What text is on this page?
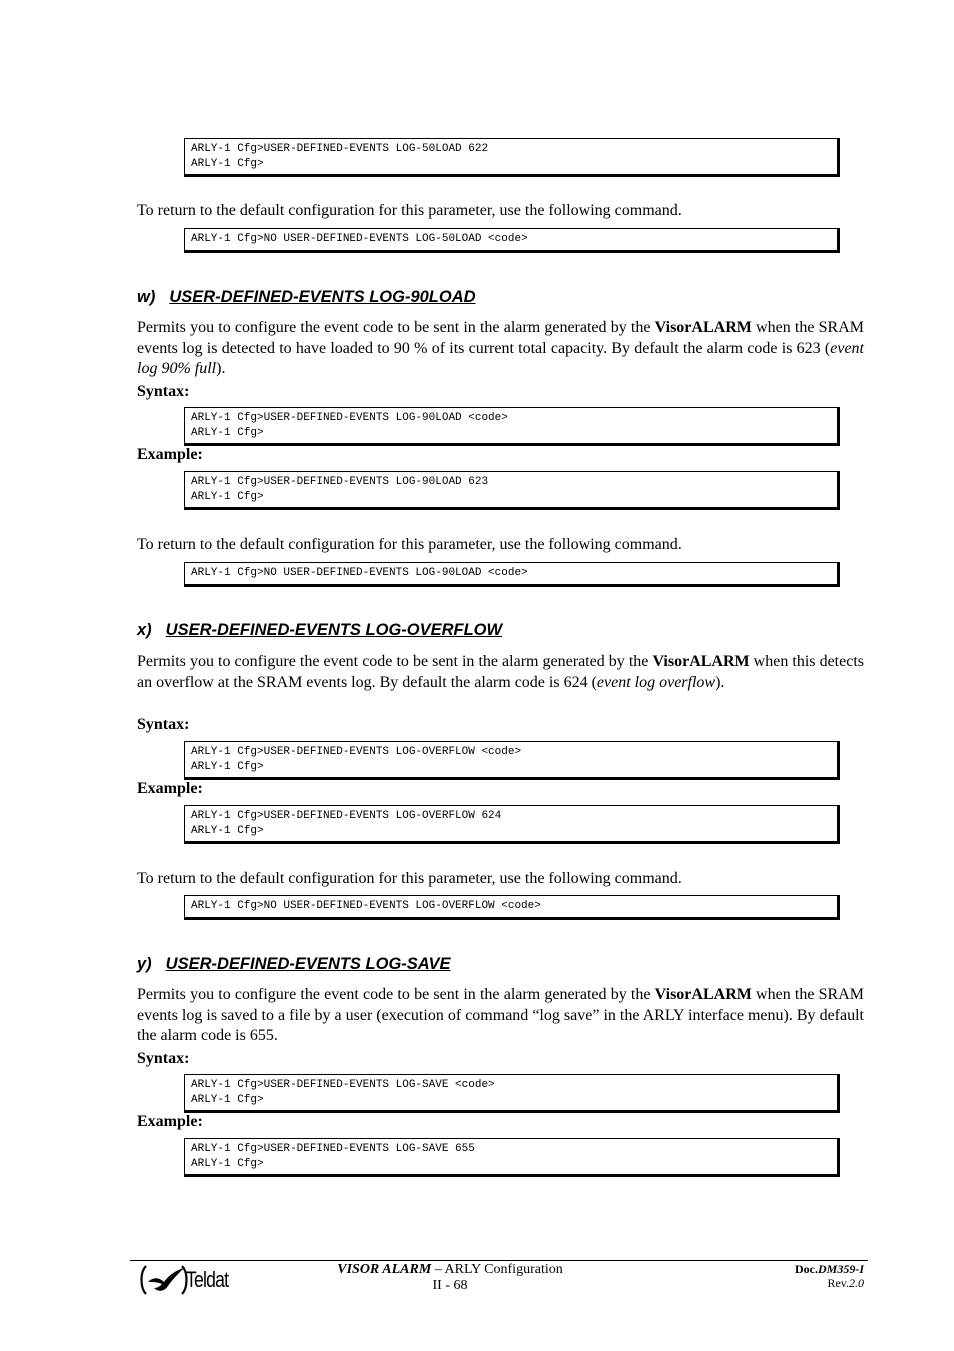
ARLY-1 Cfg>USER-DEFINED-EVENTS LOG-50LOAD 622
ARLY-1 Cfg>

To return to the default configuration for this parameter, use the following command.

ARLY-1 Cfg>NO USER-DEFINED-EVENTS LOG-50LOAD <code>
w) USER-DEFINED-EVENTS LOG-90LOAD

Permits you to configure the event code to be sent in the alarm generated by the VisorALARM when the SRAM events log is detected to have loaded to 90 % of its current total capacity. By default the alarm code is 623 (event log 90% full).

Syntax:

ARLY-1 Cfg>USER-DEFINED-EVENTS LOG-90LOAD <code>
ARLY-1 Cfg>

Example:

ARLY-1 Cfg>USER-DEFINED-EVENTS LOG-90LOAD 623
ARLY-1 Cfg>

To return to the default configuration for this parameter, use the following command.

ARLY-1 Cfg>NO USER-DEFINED-EVENTS LOG-90LOAD <code>
x) USER-DEFINED-EVENTS LOG-OVERFLOW

Permits you to configure the event code to be sent in the alarm generated by the VisorALARM when this detects an overflow at the SRAM events log. By default the alarm code is 624 (event log overflow).

Syntax:

ARLY-1 Cfg>USER-DEFINED-EVENTS LOG-OVERFLOW <code>
ARLY-1 Cfg>

Example:

ARLY-1 Cfg>USER-DEFINED-EVENTS LOG-OVERFLOW 624
ARLY-1 Cfg>

To return to the default configuration for this parameter, use the following command.

ARLY-1 Cfg>NO USER-DEFINED-EVENTS LOG-OVERFLOW <code>
y) USER-DEFINED-EVENTS LOG-SAVE

Permits you to configure the event code to be sent in the alarm generated by the VisorALARM when the SRAM events log is saved to a file by a user (execution of command “log save” in the ARLY interface menu). By default the alarm code is 655.

Syntax:

ARLY-1 Cfg>USER-DEFINED-EVENTS LOG-SAVE <code>
ARLY-1 Cfg>

Example:

ARLY-1 Cfg>USER-DEFINED-EVENTS LOG-SAVE 655
ARLY-1 Cfg>
Teldat	VISOR ALARM – ARLY Configuration
II - 68
Doc.DM359-I
Rev.2.0
